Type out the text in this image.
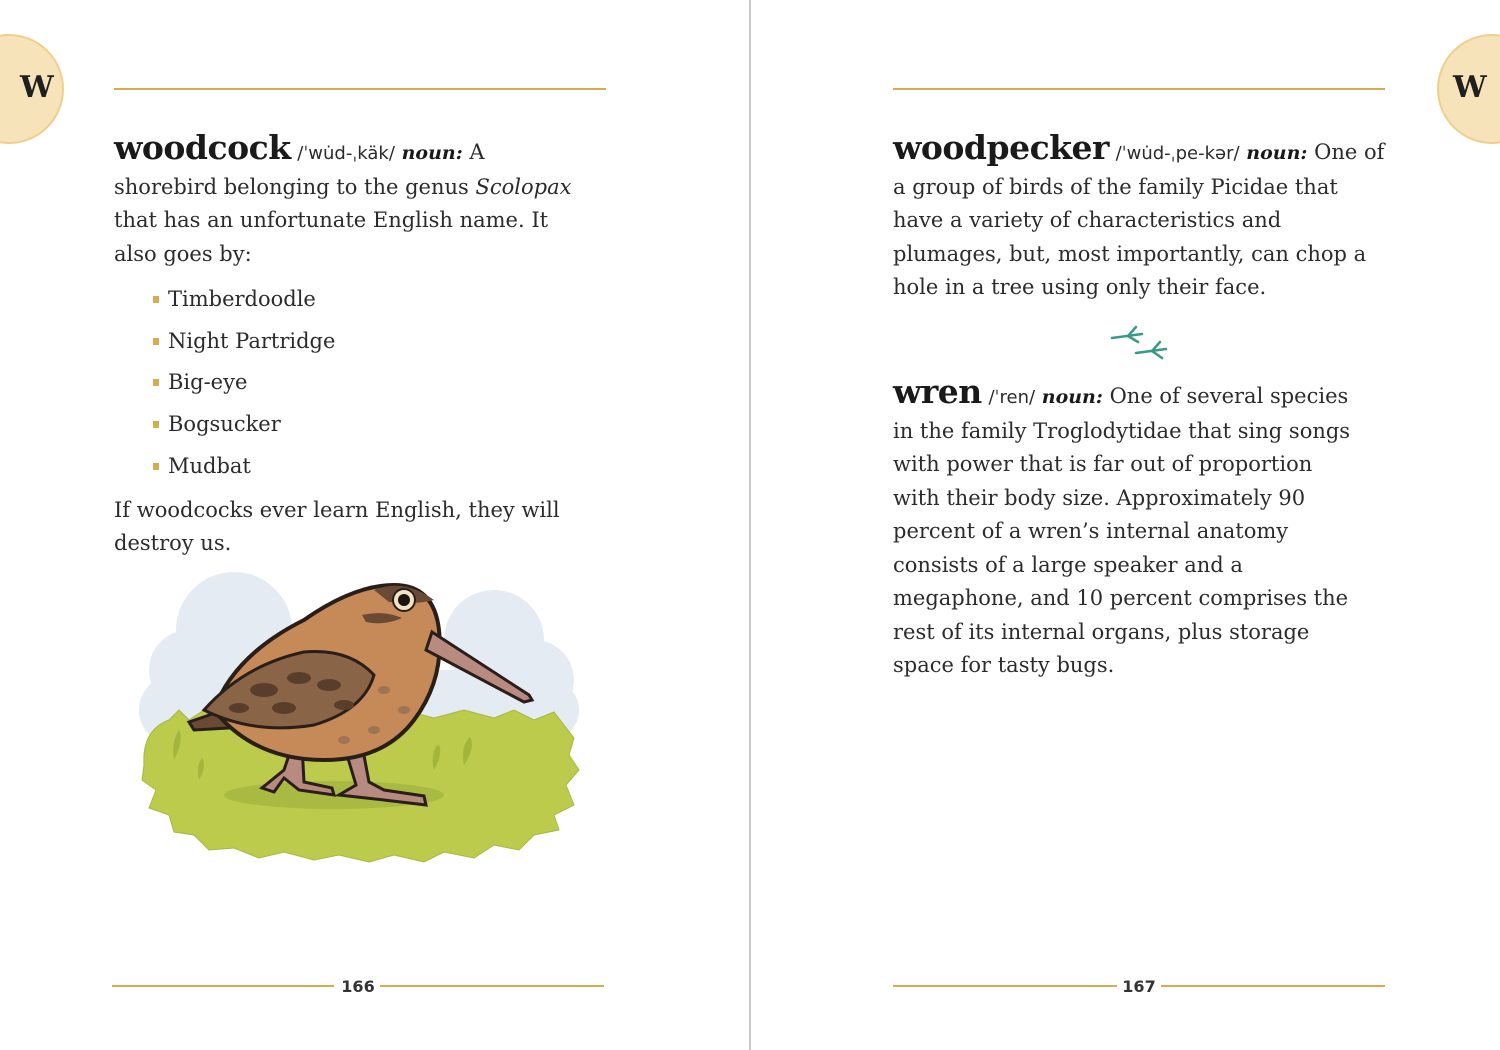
W
woodcock /ˈwu̇d-ˌkäk/ noun: A shorebird belonging to the genus Scolopax that has an unfortunate English name. It also goes by:
Timberdoodle
Night Partridge
Big-eye
Bogsucker
Mudbat
If woodcocks ever learn English, they will destroy us.
166
W
woodpecker /ˈwu̇d-ˌpe-kər/ noun: One of a group of birds of the family Picidae that have a variety of characteristics and plumages, but, most importantly, can chop a hole in a tree using only their face.
wren /ˈren/ noun: One of several species in the family Troglodytidae that sing songs with power that is far out of proportion with their body size. Approximately 90 percent of a wren’s internal anatomy consists of a large speaker and a megaphone, and 10 percent comprises the rest of its internal organs, plus storage space for tasty bugs.
167
